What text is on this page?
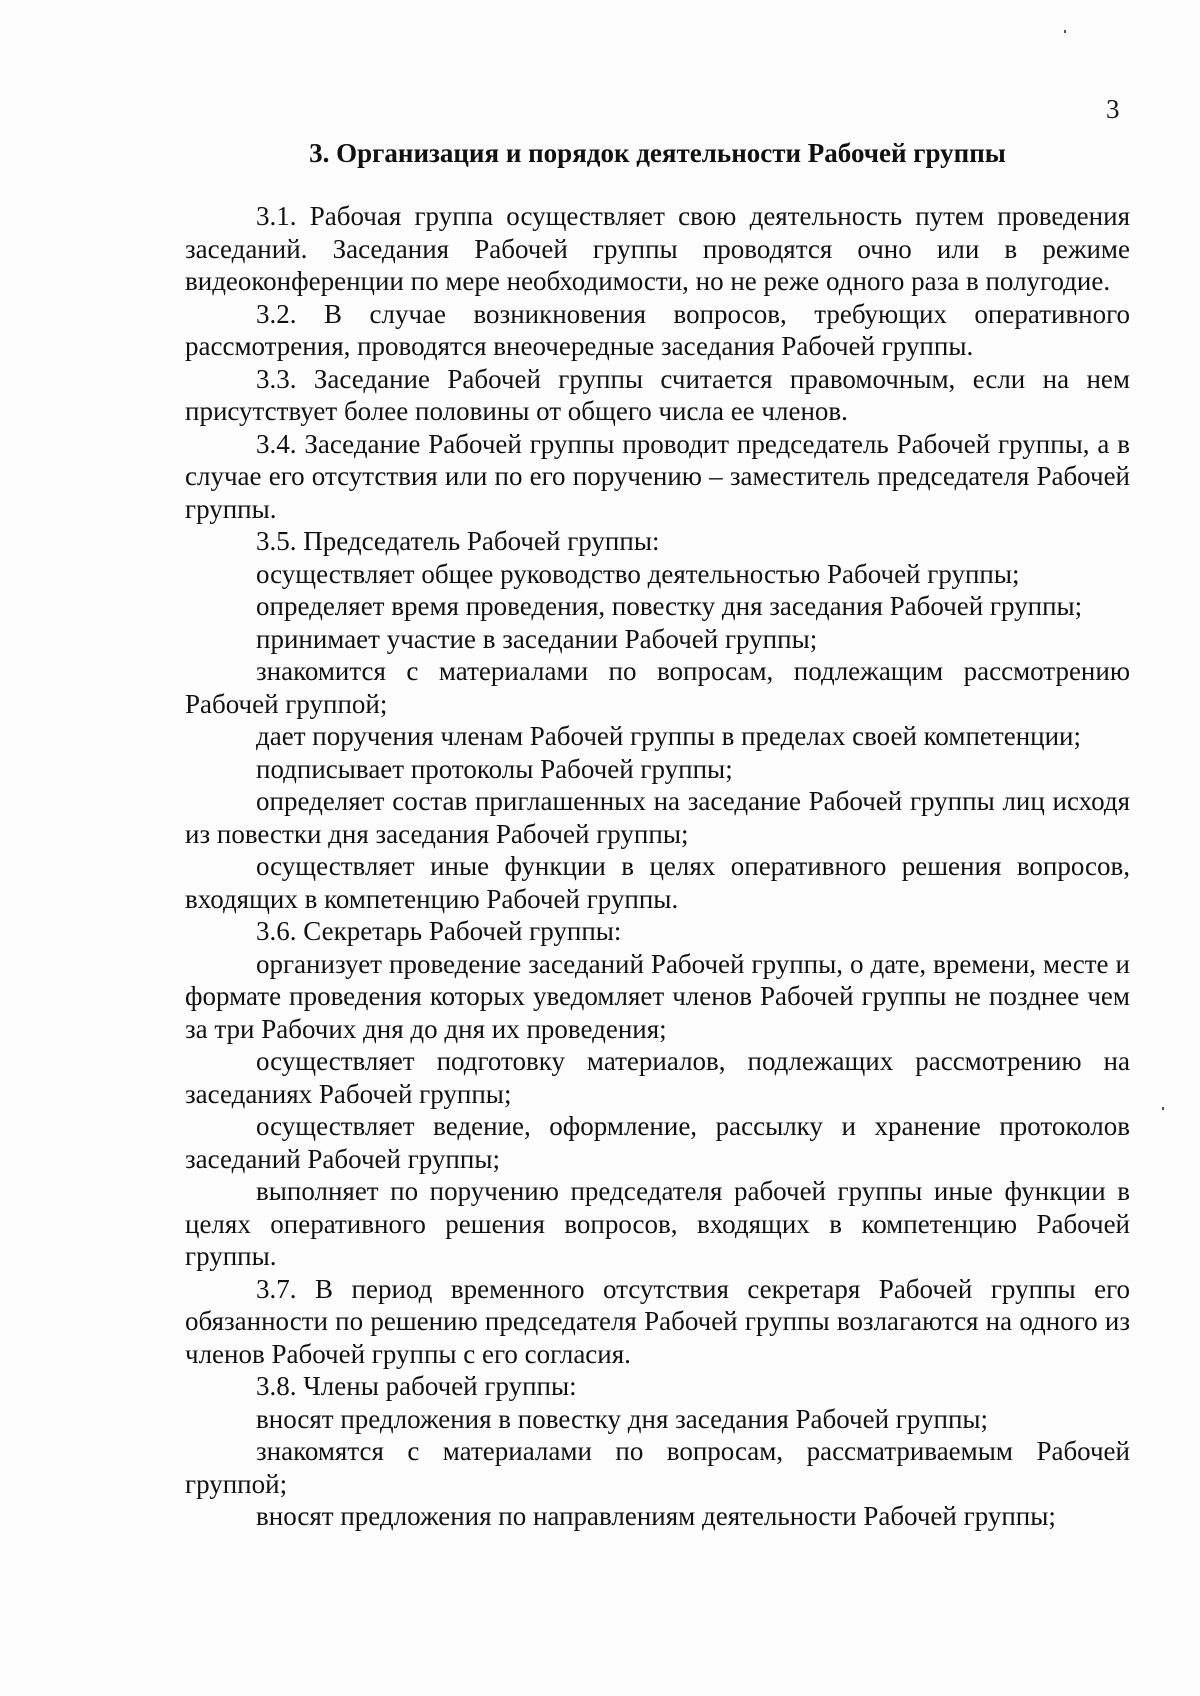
3
3. Организация и порядок деятельности Рабочей группы

3.1. Рабочая группа осуществляет свою деятельность путем проведения заседаний. Заседания Рабочей группы проводятся очно или в режиме видеоконференции по мере необходимости, но не реже одного раза в полугодие.

3.2. В случае возникновения вопросов, требующих оперативного рассмотрения, проводятся внеочередные заседания Рабочей группы.

3.3. Заседание Рабочей группы считается правомочным, если на нем присутствует более половины от общего числа ее членов.

3.4. Заседание Рабочей группы проводит председатель Рабочей группы, а в случае его отсутствия или по его поручению – заместитель председателя Рабочей группы.

3.5. Председатель Рабочей группы:

осуществляет общее руководство деятельностью Рабочей группы;

определяет время проведения, повестку дня заседания Рабочей группы;

принимает участие в заседании Рабочей группы;

знакомится с материалами по вопросам, подлежащим рассмотрению Рабочей группой;

дает поручения членам Рабочей группы в пределах своей компетенции;

подписывает протоколы Рабочей группы;

определяет состав приглашенных на заседание Рабочей группы лиц исходя из повестки дня заседания Рабочей группы;

осуществляет иные функции в целях оперативного решения вопросов, входящих в компетенцию Рабочей группы.

3.6. Секретарь Рабочей группы:

организует проведение заседаний Рабочей группы, о дате, времени, месте и формате проведения которых уведомляет членов Рабочей группы не позднее чем за три Рабочих дня до дня их проведения;

осуществляет подготовку материалов, подлежащих рассмотрению на заседаниях Рабочей группы;

осуществляет ведение, оформление, рассылку и хранение протоколов заседаний Рабочей группы;

выполняет по поручению председателя рабочей группы иные функции в целях оперативного решения вопросов, входящих в компетенцию Рабочей группы.

3.7. В период временного отсутствия секретаря Рабочей группы его обязанности по решению председателя Рабочей группы возлагаются на одного из членов Рабочей группы с его согласия.

3.8. Члены рабочей группы:

вносят предложения в повестку дня заседания Рабочей группы;

знакомятся с материалами по вопросам, рассматриваемым Рабочей группой;

вносят предложения по направлениям деятельности Рабочей группы;
